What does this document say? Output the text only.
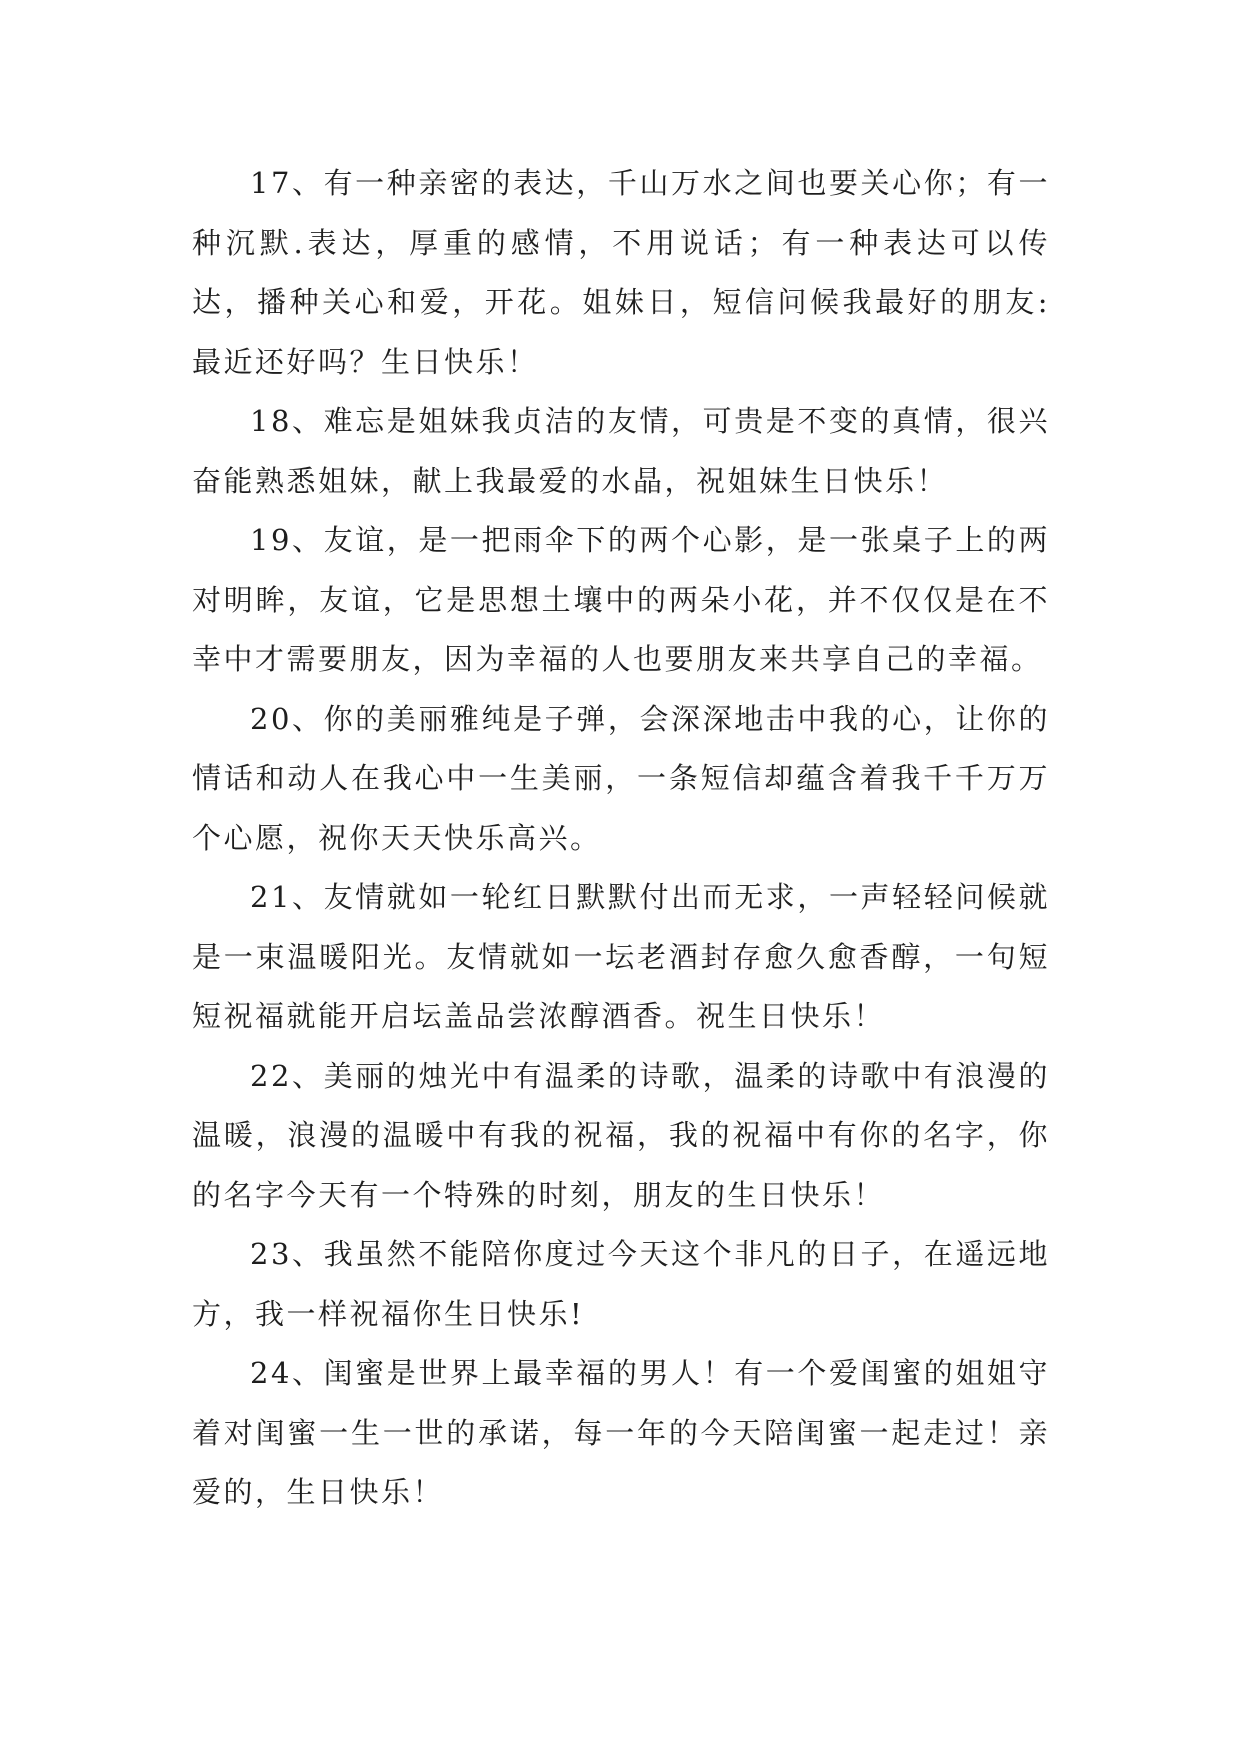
17、有一种亲密的表达，千山万水之间也要关心你；有一种沉默.表达，厚重的感情，不用说话；有一种表达可以传达，播种关心和爱，开花。姐妹日，短信问候我最好的朋友:最近还好吗？生日快乐！

18、难忘是姐妹我贞洁的友情，可贵是不变的真情，很兴奋能熟悉姐妹，献上我最爱的水晶，祝姐妹生日快乐！

19、友谊，是一把雨伞下的两个心影，是一张桌子上的两对明眸，友谊，它是思想土壤中的两朵小花，并不仅仅是在不幸中才需要朋友，因为幸福的人也要朋友来共享自己的幸福。

20、你的美丽雅纯是子弹，会深深地击中我的心，让你的情话和动人在我心中一生美丽，一条短信却蕴含着我千千万万个心愿，祝你天天快乐高兴。

21、友情就如一轮红日默默付出而无求，一声轻轻问候就是一束温暖阳光。友情就如一坛老酒封存愈久愈香醇，一句短短祝福就能开启坛盖品尝浓醇酒香。祝生日快乐！

22、美丽的烛光中有温柔的诗歌，温柔的诗歌中有浪漫的温暖，浪漫的温暖中有我的祝福，我的祝福中有你的名字，你的名字今天有一个特殊的时刻，朋友的生日快乐！

23、我虽然不能陪你度过今天这个非凡的日子，在遥远地方，我一样祝福你生日快乐!

24、闺蜜是世界上最幸福的男人！有一个爱闺蜜的姐姐守着对闺蜜一生一世的承诺，每一年的今天陪闺蜜一起走过！亲爱的，生日快乐！
